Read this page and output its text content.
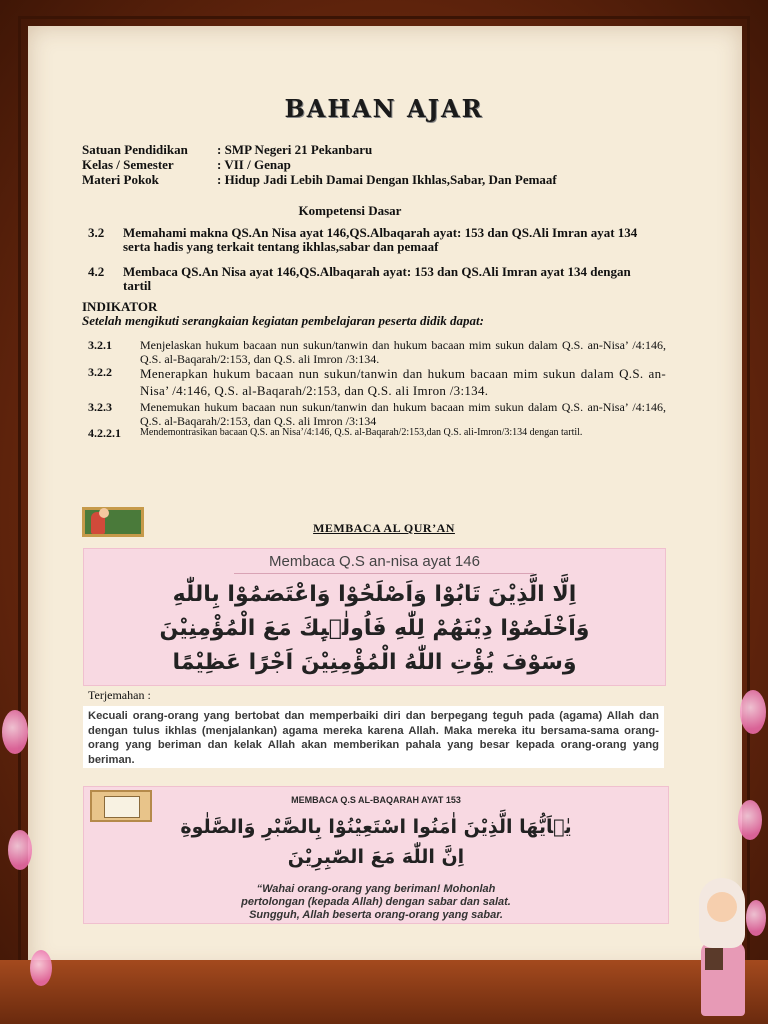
BAHAN AJAR
Satuan Pendidikan	: SMP Negeri 21 Pekanbaru
Kelas / Semester	: VII / Genap
Materi Pokok	: Hidup Jadi Lebih Damai Dengan Ikhlas,Sabar, Dan Pemaaf
Kompetensi Dasar
3.2	Memahami makna QS.An Nisa ayat 146,QS.Albaqarah ayat: 153 dan QS.Ali Imran ayat 134 serta hadis yang terkait tentang ikhlas,sabar dan pemaaf
4.2	Membaca QS.An Nisa ayat 146,QS.Albaqarah ayat: 153 dan QS.Ali Imran ayat 134 dengan tartil
INDIKATOR
Setelah mengikuti serangkaian kegiatan pembelajaran peserta didik dapat:
3.2.1	Menjelaskan hukum bacaan nun sukun/tanwin dan hukum bacaan mim sukun dalam Q.S. an-Nisa’ /4:146, Q.S. al-Baqarah/2:153, dan Q.S. ali Imron /3:134.
3.2.2	Menerapkan hukum bacaan nun sukun/tanwin dan hukum bacaan mim sukun dalam Q.S. an-Nisa’ /4:146, Q.S. al-Baqarah/2:153, dan Q.S. ali Imron /3:134.
3.2.3	Menemukan hukum bacaan nun sukun/tanwin dan hukum bacaan mim sukun dalam Q.S. an-Nisa’ /4:146, Q.S. al-Baqarah/2:153, dan Q.S. ali Imron /3:134
4.2.2.1	Mendemontrasikan bacaan Q.S. an Nisa’/4:146, Q.S. al-Baqarah/2:153,dan Q.S. ali-Imron/3:134 dengan tartil.
MEMBACA AL QUR’AN
Membaca Q.S an-nisa ayat 146
اِلَّا الَّذِيْنَ تَابُوْا وَاَصْلَحُوْا وَاعْتَصَمُوْا بِاللّٰهِ
وَاَخْلَصُوْا دِيْنَهُمْ لِلّٰهِ فَاُولٰۤىِٕكَ مَعَ الْمُؤْمِنِيْنَ
وَسَوْفَ يُؤْتِ اللّٰهُ الْمُؤْمِنِيْنَ اَجْرًا عَظِيْمًا
Terjemahan :
Kecuali orang-orang yang bertobat dan memperbaiki diri dan berpegang teguh pada (agama) Allah dan dengan tulus ikhlas (menjalankan) agama mereka karena Allah. Maka mereka itu bersama-sama orang-orang yang beriman dan kelak Allah akan memberikan pahala yang besar kepada orang-orang yang beriman.
MEMBACA Q.S AL-BAQARAH AYAT 153
يٰۤاَيُّهَا الَّذِيْنَ اٰمَنُوا اسْتَعِيْنُوْا بِالصَّبْرِ وَالصَّلٰوةِ
اِنَّ اللّٰهَ مَعَ الصّٰبِرِيْنَ
“Wahai orang-orang yang beriman! Mohonlah
pertolongan (kepada Allah) dengan sabar dan salat.
Sungguh, Allah beserta orang-orang yang sabar.
